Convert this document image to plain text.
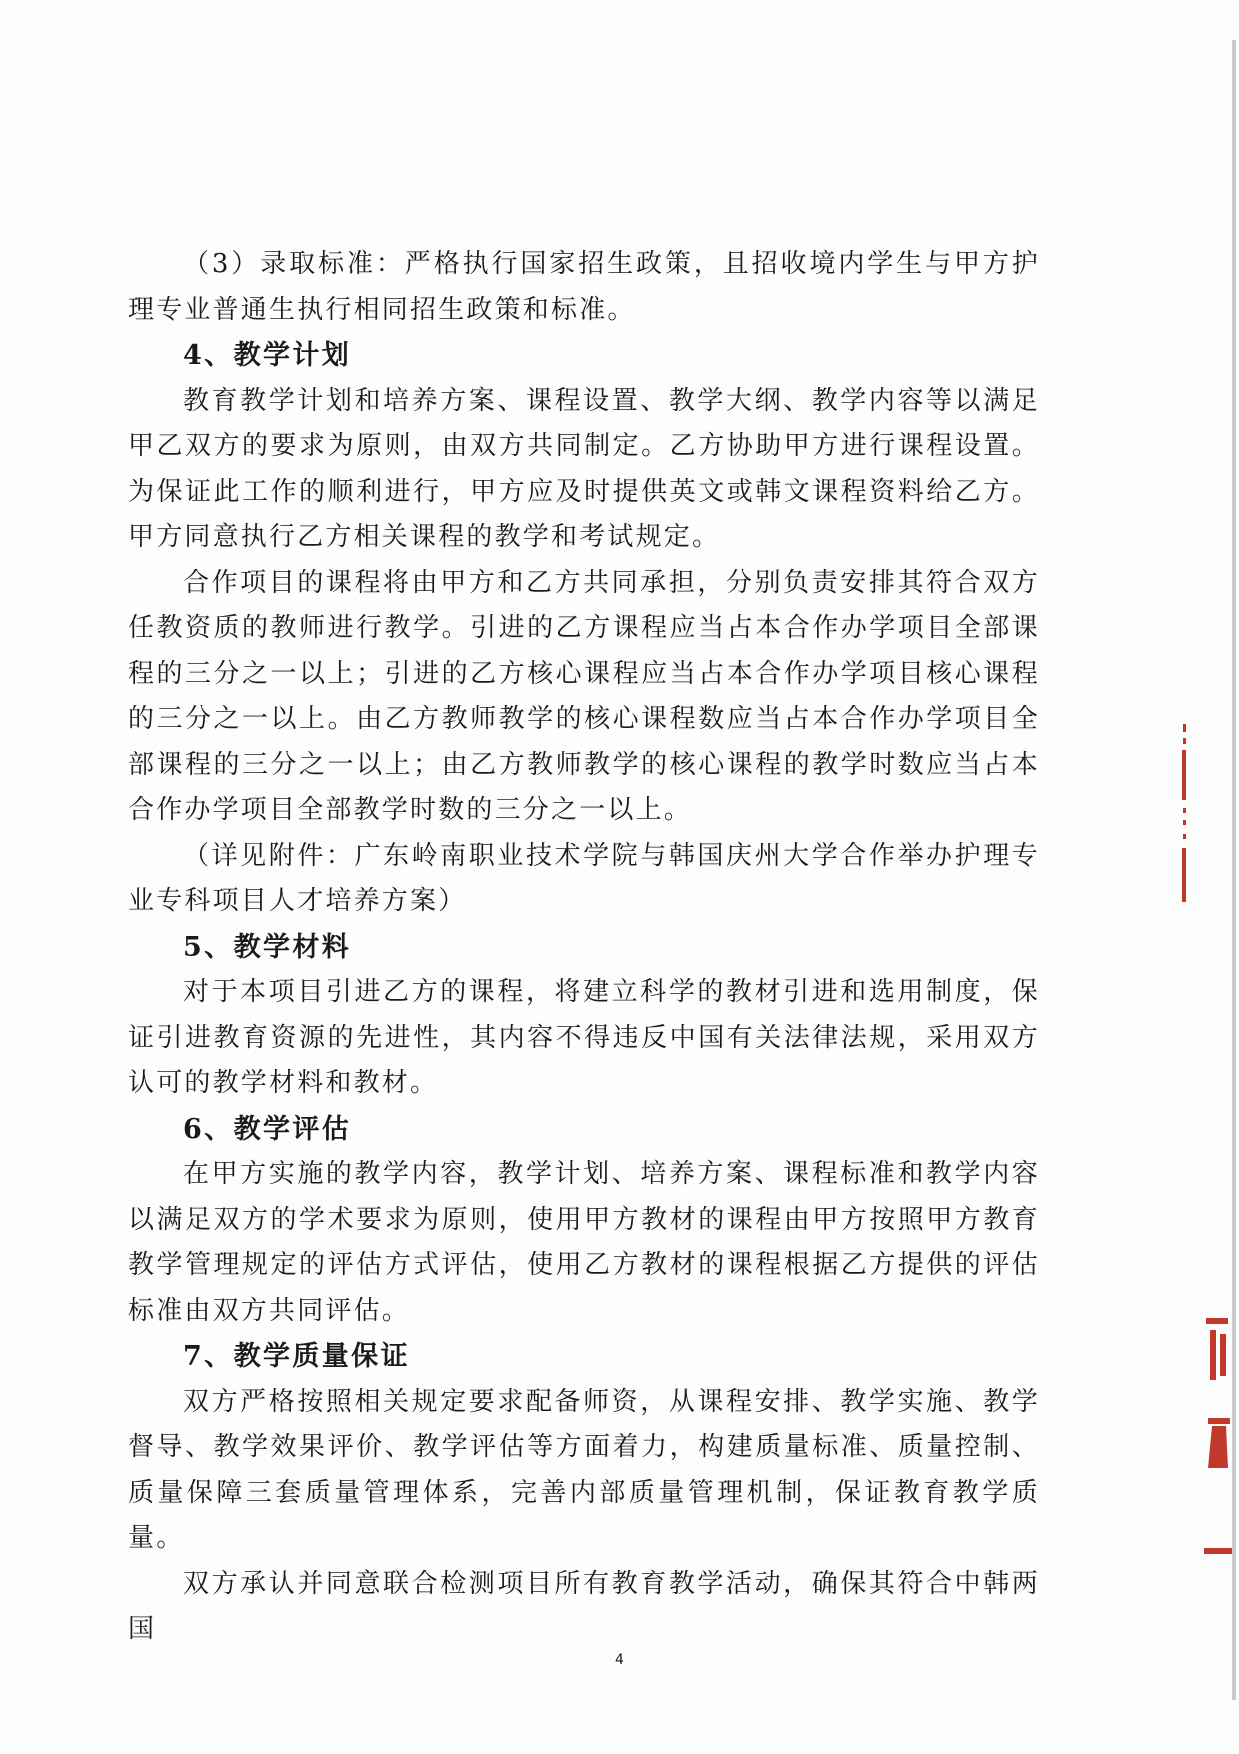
（3）录取标准：严格执行国家招生政策，且招收境内学生与甲方护理专业普通生执行相同招生政策和标准。

4、教学计划

教育教学计划和培养方案、课程设置、教学大纲、教学内容等以满足甲乙双方的要求为原则，由双方共同制定。乙方协助甲方进行课程设置。为保证此工作的顺利进行，甲方应及时提供英文或韩文课程资料给乙方。甲方同意执行乙方相关课程的教学和考试规定。

合作项目的课程将由甲方和乙方共同承担，分别负责安排其符合双方任教资质的教师进行教学。引进的乙方课程应当占本合作办学项目全部课程的三分之一以上；引进的乙方核心课程应当占本合作办学项目核心课程的三分之一以上。由乙方教师教学的核心课程数应当占本合作办学项目全部课程的三分之一以上；由乙方教师教学的核心课程的教学时数应当占本合作办学项目全部教学时数的三分之一以上。

（详见附件：广东岭南职业技术学院与韩国庆州大学合作举办护理专业专科项目人才培养方案）

5、教学材料

对于本项目引进乙方的课程，将建立科学的教材引进和选用制度，保证引进教育资源的先进性，其内容不得违反中国有关法律法规，采用双方认可的教学材料和教材。

6、教学评估

在甲方实施的教学内容，教学计划、培养方案、课程标准和教学内容以满足双方的学术要求为原则，使用甲方教材的课程由甲方按照甲方教育教学管理规定的评估方式评估，使用乙方教材的课程根据乙方提供的评估标准由双方共同评估。

7、教学质量保证

双方严格按照相关规定要求配备师资，从课程安排、教学实施、教学督导、教学效果评价、教学评估等方面着力，构建质量标准、质量控制、质量保障三套质量管理体系，完善内部质量管理机制，保证教育教学质量。

双方承认并同意联合检测项目所有教育教学活动，确保其符合中韩两国

4
